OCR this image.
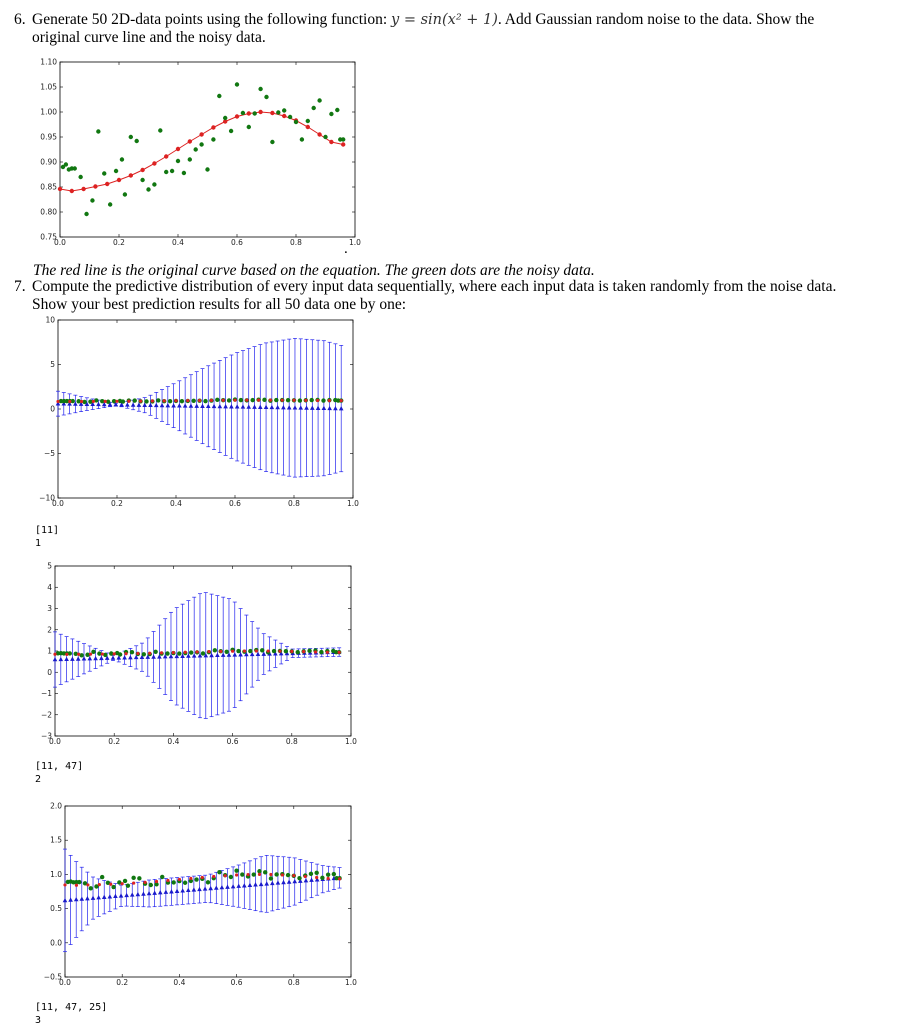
6. Generate 50 2D-data points using the following function: y = sin(x² + 1). Add Gaussian random noise to the data. Show the
original curve line and the noisy data.
0.0	0.2	0.4	0.6	0.8	1.0
0.75
0.80
0.85
0.90
0.95
1.00
1.05
1.10
.
The red line is the original curve based on the equation. The green dots are the noisy data.
7. Compute the predictive distribution of every input data sequentially, where each input data is taken randomly from the noise data.
Show your best prediction results for all 50 data one by one:
0.0	0.2	0.4	0.6	0.8	1.0
10
5
0
−5
−10
[11]
1
0.0	0.2	0.4	0.6	0.8	1.0
5
4
3
2
1
0
−1
−2
−3
[11, 47]
2
0.0	0.2	0.4	0.6	0.8	1.0
2.0
1.5
1.0
0.5
0.0
−0.5
[11, 47, 25]
3
